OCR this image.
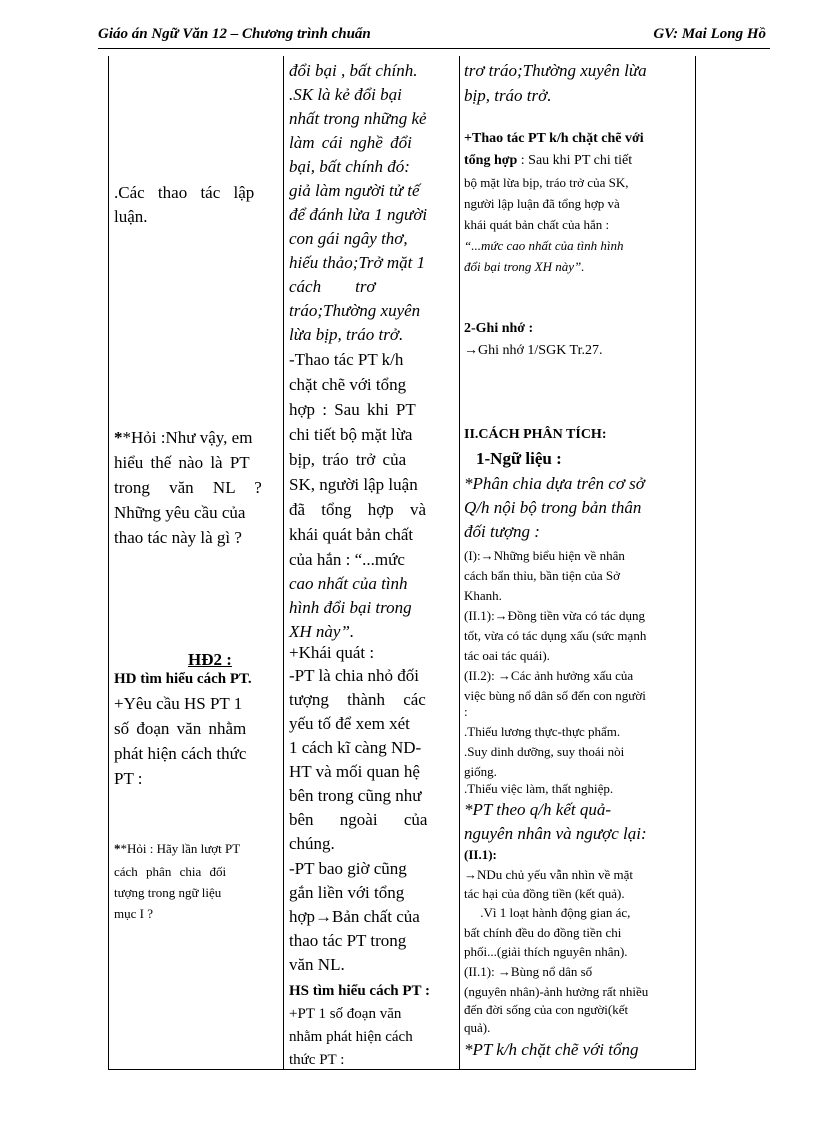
Giáo án Ngữ Văn 12 – Chương trình chuẩn	GV: Mai Long Hồ
.Các thao tác lập
luận.
**Hỏi :Như vậy, em
hiểu thế nào là PT
trong văn NL ?
Những yêu cầu của
thao tác này là gì ?
HĐ2 :
HD tìm hiểu cách PT.
+Yêu cầu HS PT 1
số đoạn văn nhằm
phát hiện cách thức
PT :
**Hỏi : Hãy lần lượt PT
cách phân chia đối
tượng trong ngữ liệu
mục I ?
đổi bại , bất chính.
.SK là kẻ đổi bại
nhất trong những kẻ
làm cái nghề đổi
bại, bất chính đó:
giả làm người tử tế
để đánh lừa 1 người
con gái ngây thơ,
hiếu thảo;Trở mặt 1
cách        trơ
tráo;Thường xuyên
lừa bịp, tráo trở.
-Thao tác PT k/h
chặt chẽ với tổng
hợp : Sau khi PT
chi tiết bộ mặt lừa
bịp, tráo trở của
SK, người lập luận
đã tổng hợp và
khái quát bản chất
của hắn : “...mức
cao nhất của tình
hình đổi bại trong
XH này”.
+Khái quát :
-PT là chia nhỏ đối
tượng thành các
yếu tố để xem xét
1 cách kĩ càng ND-
HT và mối quan hệ
bên trong cũng như
bên ngoài của
chúng.
-PT bao giờ cũng
gắn liền với tổng
hợp→Bản chất của
thao tác PT trong
văn NL.
HS tìm hiểu cách PT :
+PT 1 số đoạn văn
nhằm phát hiện cách
thức PT :
trơ tráo;Thường xuyên lừa
bịp, tráo trở.
+Thao tác PT k/h chặt chẽ với
tổng hợp : Sau khi PT chi tiết
bộ mặt lừa bịp, tráo trở của SK,
người lập luận đã tổng hợp và
khái quát bản chất của hắn :
“...mức cao nhất của tình hình
đổi bại trong XH này”.
2-Ghi nhớ :
→Ghi nhớ 1/SGK Tr.27.
II.CÁCH PHÂN TÍCH:
1-Ngữ liệu :
*Phân chia dựa trên cơ sở
Q/h nội bộ trong bản thân
đối tượng :
(I):→Những biểu hiện về nhân
cách bẩn thỉu, bần tiện của Sở
Khanh.
(II.1):→Đồng tiền vừa có tác dụng
tốt, vừa có tác dụng xấu (sức mạnh
tác oai tác quái).
(II.2): →Các ảnh hưởng xấu của
việc bùng nổ dân số đến con người
:
.Thiếu lương thực-thực phẩm.
.Suy dinh dưỡng, suy thoái nòi
giống.
.Thiếu việc làm, thất nghiệp.
*PT theo q/h kết quả-
nguyên nhân và ngược lại:
(II.1):
→NDu chủ yếu vẫn nhìn về mặt
tác hại của đồng tiền (kết quả).
.Vì 1 loạt hành động gian ác,
bất chính đều do đồng tiền chi
phối...(giải thích nguyên nhân).
(II.1): →Bùng nổ dân số
(nguyên nhân)-ảnh hưởng rất nhiều
đến đời sống của con người(kết
quả).
*PT k/h chặt chẽ với tổng
